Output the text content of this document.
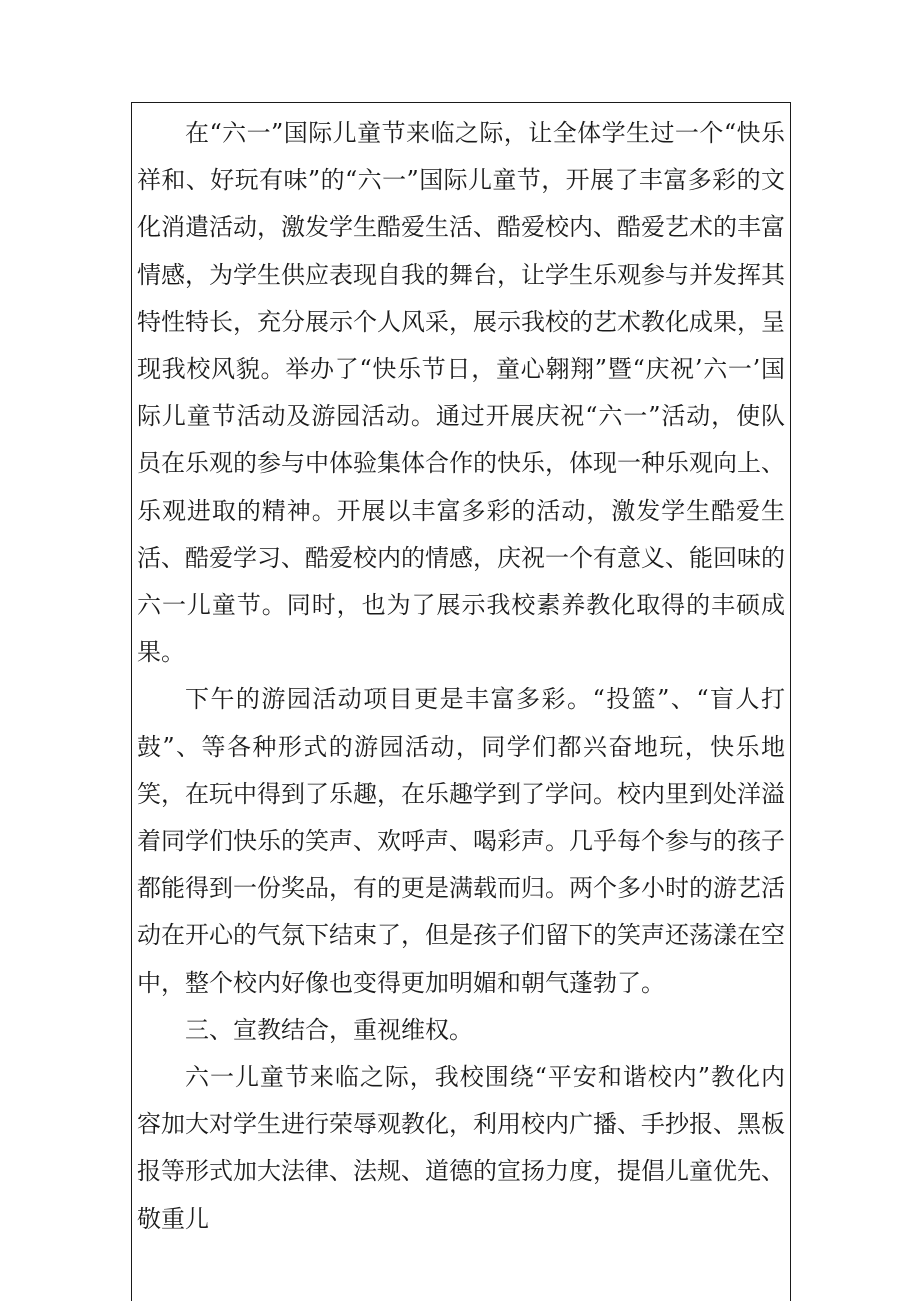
在“六一”国际儿童节来临之际，让全体学生过一个“快乐祥和、好玩有味”的“六一”国际儿童节，开展了丰富多彩的文化消遣活动，激发学生酷爱生活、酷爱校内、酷爱艺术的丰富情感，为学生供应表现自我的舞台，让学生乐观参与并发挥其特性特长，充分展示个人风采，展示我校的艺术教化成果，呈现我校风貌。举办了“快乐节日，童心翱翔”暨“庆祝’六一’国际儿童节活动及游园活动。通过开展庆祝“六一”活动，使队员在乐观的参与中体验集体合作的快乐，体现一种乐观向上、乐观进取的精神。开展以丰富多彩的活动，激发学生酷爱生活、酷爱学习、酷爱校内的情感，庆祝一个有意义、能回味的六一儿童节。同时，也为了展示我校素养教化取得的丰硕成果。

下午的游园活动项目更是丰富多彩。“投篮”、“盲人打鼓”、等各种形式的游园活动，同学们都兴奋地玩，快乐地笑，在玩中得到了乐趣，在乐趣学到了学问。校内里到处洋溢着同学们快乐的笑声、欢呼声、喝彩声。几乎每个参与的孩子都能得到一份奖品，有的更是满载而归。两个多小时的游艺活动在开心的气氛下结束了，但是孩子们留下的笑声还荡漾在空中，整个校内好像也变得更加明媚和朝气蓬勃了。

三、宣教结合，重视维权。

六一儿童节来临之际，我校围绕“平安和谐校内”教化内容加大对学生进行荣辱观教化，利用校内广播、手抄报、黑板报等形式加大法律、法规、道德的宣扬力度，提倡儿童优先、敬重儿
